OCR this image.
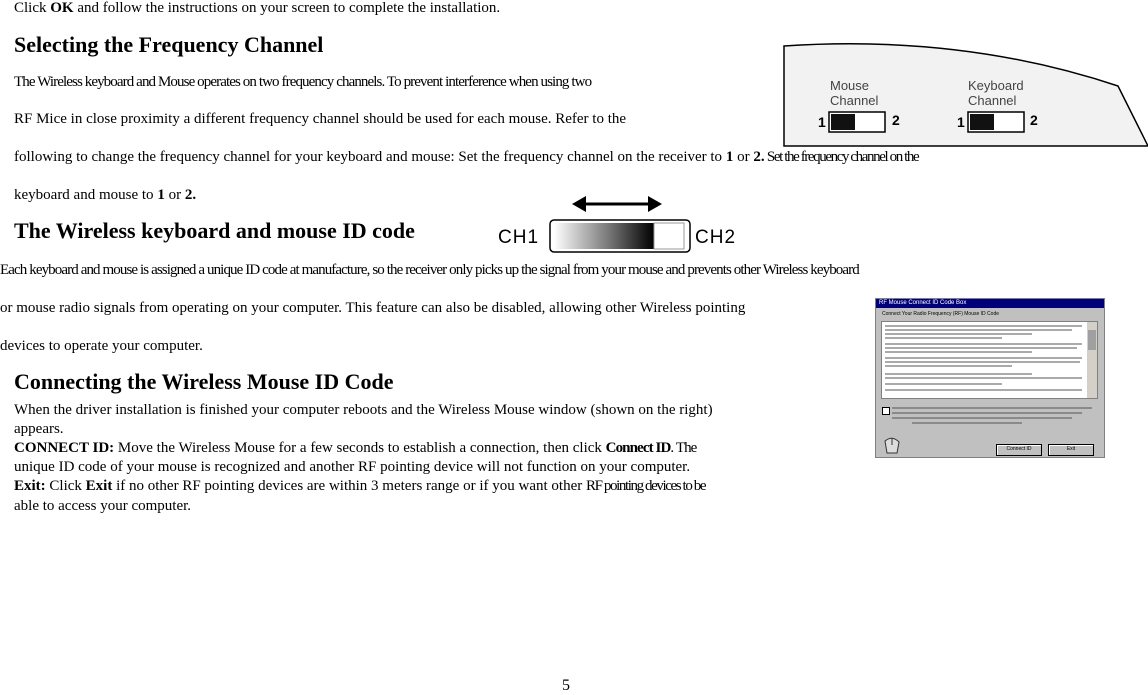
Click OK and follow the instructions on your screen to complete the installation.
Selecting the Frequency Channel
The Wireless keyboard and Mouse operates on two frequency channels. To prevent interference when using two
RF Mice in close proximity a different frequency channel should be used for each mouse. Refer to the
following to change the frequency channel for your keyboard and mouse: Set the frequency channel on the receiver to 1 or 2. Set the frequency channel on the
keyboard and mouse to 1 or 2.
Mouse
Channel
Keyboard
Channel
1	2	1	2
The Wireless keyboard and mouse ID code	CH1	CH2
Each keyboard and mouse is assigned a unique ID code at manufacture, so the receiver only picks up the signal from your mouse and prevents other Wireless keyboard
or mouse radio signals from operating on your computer. This feature can also be disabled, allowing other Wireless pointing
devices to operate your computer.
RF Mouse Connect ID Code Box
Connect Your Radio Frequency (RF) Mouse ID Code
Connect ID	Exit
Connecting the Wireless Mouse ID Code
When the driver installation is finished your computer reboots and the Wireless Mouse window (shown on the right)
appears.
CONNECT ID: Move the Wireless Mouse for a few seconds to establish a connection, then click Connect ID. The
unique ID code of your mouse is recognized and another RF pointing device will not function on your computer.
Exit: Click Exit if no other RF pointing devices are within 3 meters range or if you want other RF pointing devices to be
able to access your computer.
5
